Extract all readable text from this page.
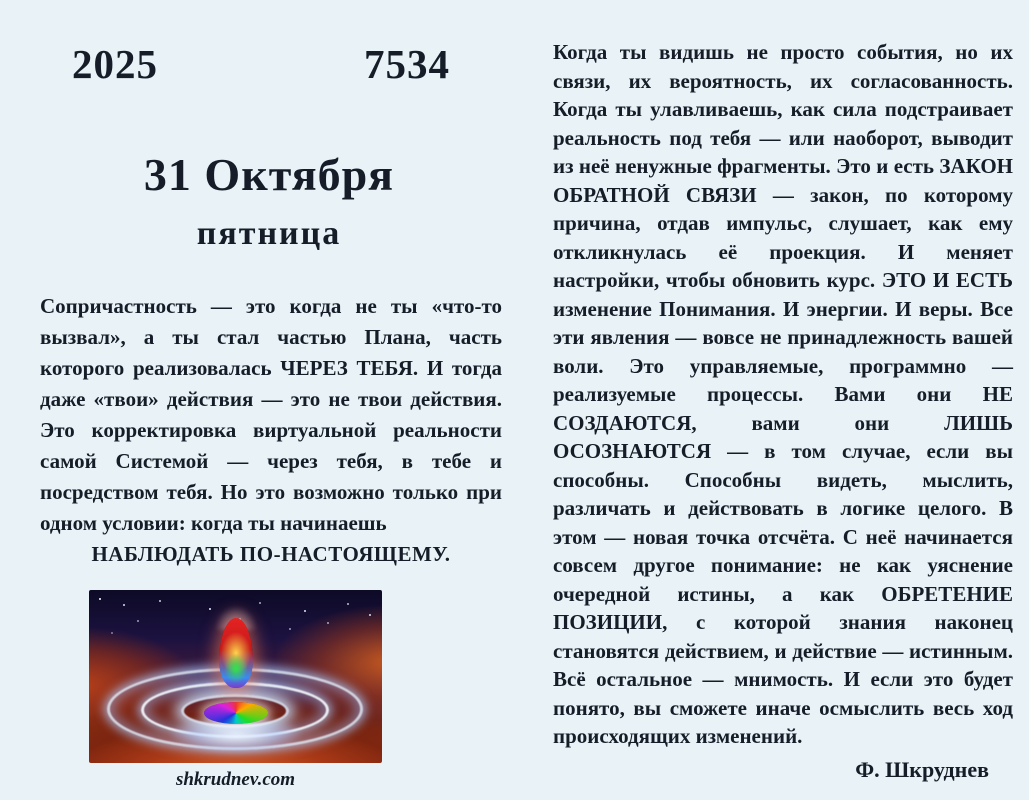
2025	7534
31 Октября
пятница
Сопричастность — это когда не ты «что-то вызвал», а ты стал частью Плана, часть которого реализовалась ЧЕРЕЗ ТЕБЯ. И тогда даже «твои» действия — это не твои действия. Это корректировка виртуальной реальности самой Системой — через тебя, в тебе и посредством тебя. Но это возможно только при одном условии: когда ты начинаешь
НАБЛЮДАТЬ ПО-НАСТОЯЩЕМУ.
shkrudnev.com
Когда ты видишь не просто события, но их связи, их вероятность, их согласованность. Когда ты улавливаешь, как сила подстраивает реальность под тебя — или наоборот, выводит из неё ненужные фрагменты. Это и есть ЗАКОН ОБРАТНОЙ СВЯЗИ — закон, по которому причина, отдав импульс, слушает, как ему откликнулась её проекция. И меняет настройки, чтобы обновить курс. ЭТО И ЕСТЬ изменение Понимания. И энергии. И веры. Все эти явления — вовсе не принадлежность вашей воли. Это управляемые, программно — реализуемые процессы. Вами они НЕ СОЗДАЮТСЯ, вами они ЛИШЬ ОСОЗНАЮТСЯ — в том случае, если вы способны. Способны видеть, мыслить, различать и действовать в логике целого. В этом — новая точка отсчёта. С неё начинается совсем другое понимание: не как уяснение очередной истины, а как ОБРЕТЕНИЕ ПОЗИЦИИ, с которой знания наконец становятся действием, и действие — истинным. Всё остальное — мнимость. И если это будет понято, вы сможете иначе осмыслить весь ход происходящих изменений.
Ф. Шкруднев
